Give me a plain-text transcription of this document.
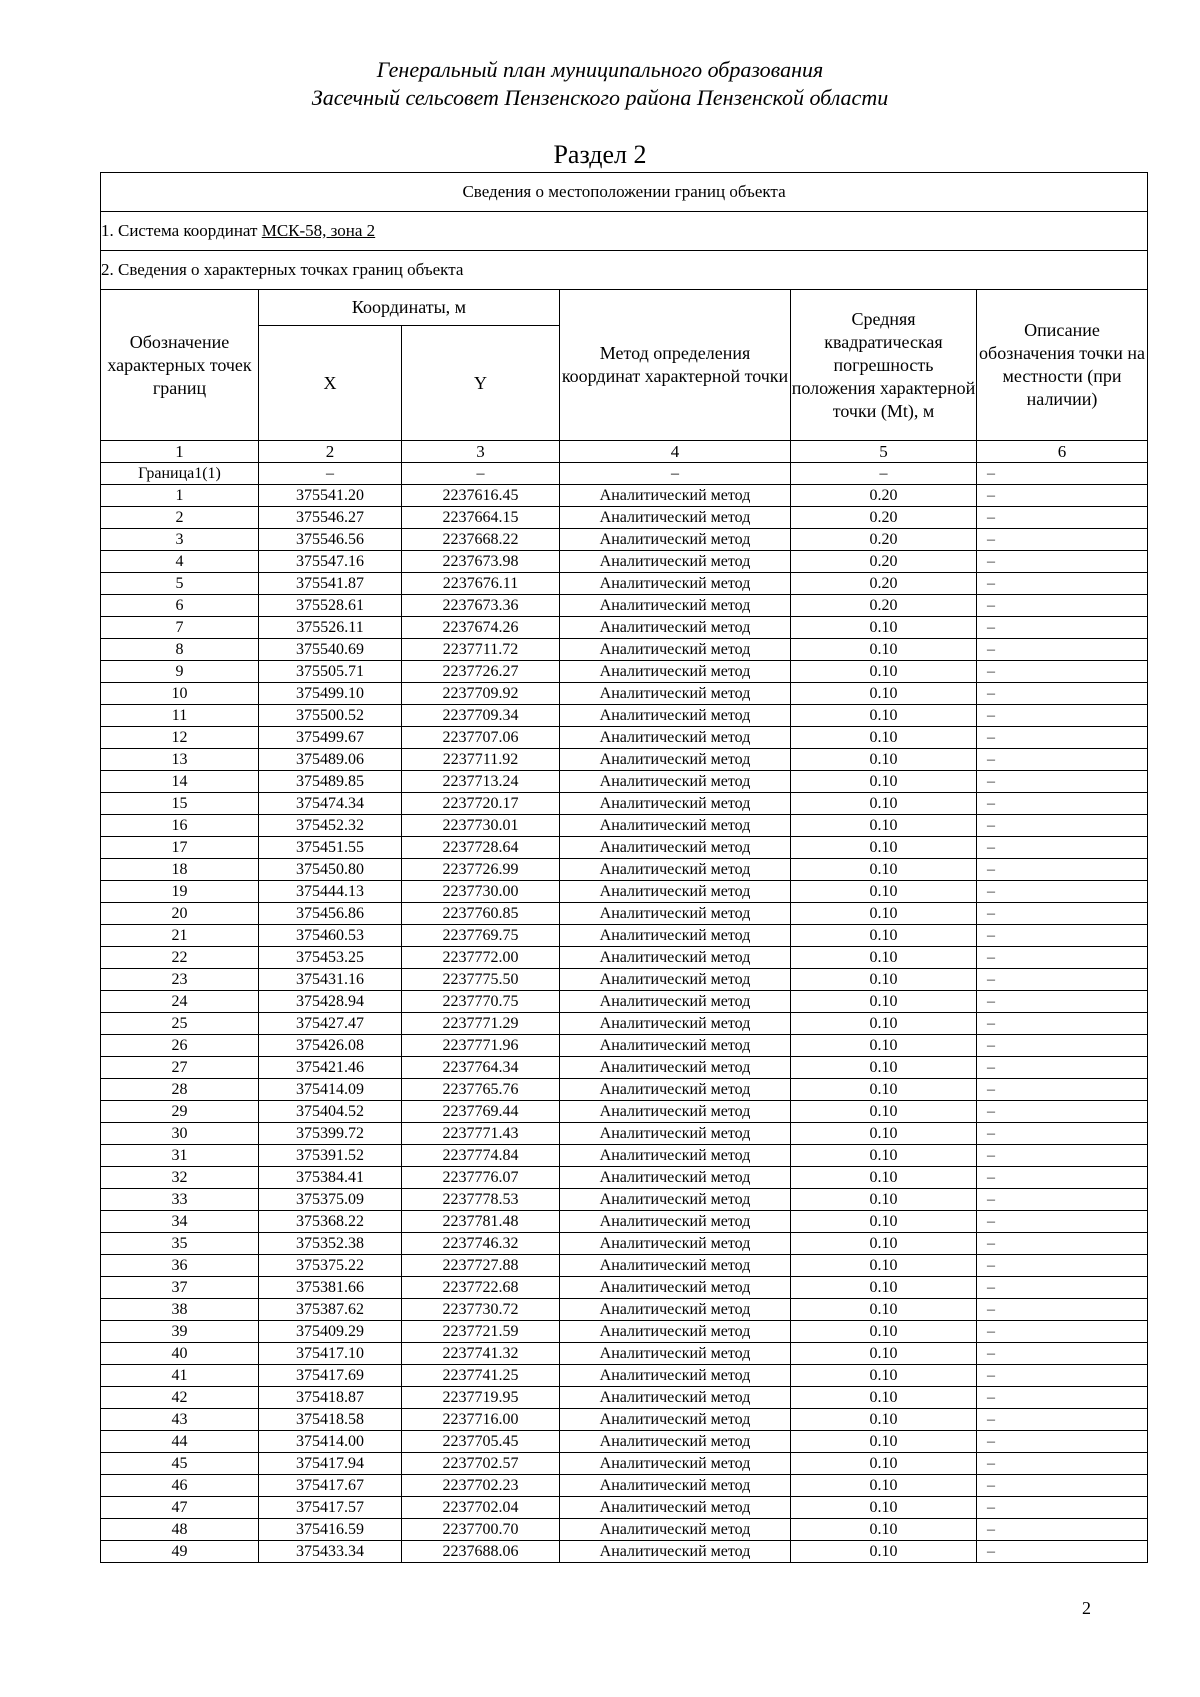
Генеральный план муниципального образования
Засечный сельсовет Пензенского района Пензенской области
Раздел 2
Сведения о местоположении границ объекта					
1. Система координат МСК-58, зона 2					
2. Сведения о характерных точках границ объекта					
Обозначение характерных точек границ	Координаты, м		Метод определения координат характерной точки	Средняя квадратическая погрешность положения характерной точки (Mt), м	Описание обозначения точки на местности (при наличии)
	X	Y			
1	2	3	4	5	6
Граница1(1)	–	–	–	–	–
1	375541.20	2237616.45	Аналитический метод	0.20	–
2	375546.27	2237664.15	Аналитический метод	0.20	–
3	375546.56	2237668.22	Аналитический метод	0.20	–
4	375547.16	2237673.98	Аналитический метод	0.20	–
5	375541.87	2237676.11	Аналитический метод	0.20	–
6	375528.61	2237673.36	Аналитический метод	0.20	–
7	375526.11	2237674.26	Аналитический метод	0.10	–
8	375540.69	2237711.72	Аналитический метод	0.10	–
9	375505.71	2237726.27	Аналитический метод	0.10	–
10	375499.10	2237709.92	Аналитический метод	0.10	–
11	375500.52	2237709.34	Аналитический метод	0.10	–
12	375499.67	2237707.06	Аналитический метод	0.10	–
13	375489.06	2237711.92	Аналитический метод	0.10	–
14	375489.85	2237713.24	Аналитический метод	0.10	–
15	375474.34	2237720.17	Аналитический метод	0.10	–
16	375452.32	2237730.01	Аналитический метод	0.10	–
17	375451.55	2237728.64	Аналитический метод	0.10	–
18	375450.80	2237726.99	Аналитический метод	0.10	–
19	375444.13	2237730.00	Аналитический метод	0.10	–
20	375456.86	2237760.85	Аналитический метод	0.10	–
21	375460.53	2237769.75	Аналитический метод	0.10	–
22	375453.25	2237772.00	Аналитический метод	0.10	–
23	375431.16	2237775.50	Аналитический метод	0.10	–
24	375428.94	2237770.75	Аналитический метод	0.10	–
25	375427.47	2237771.29	Аналитический метод	0.10	–
26	375426.08	2237771.96	Аналитический метод	0.10	–
27	375421.46	2237764.34	Аналитический метод	0.10	–
28	375414.09	2237765.76	Аналитический метод	0.10	–
29	375404.52	2237769.44	Аналитический метод	0.10	–
30	375399.72	2237771.43	Аналитический метод	0.10	–
31	375391.52	2237774.84	Аналитический метод	0.10	–
32	375384.41	2237776.07	Аналитический метод	0.10	–
33	375375.09	2237778.53	Аналитический метод	0.10	–
34	375368.22	2237781.48	Аналитический метод	0.10	–
35	375352.38	2237746.32	Аналитический метод	0.10	–
36	375375.22	2237727.88	Аналитический метод	0.10	–
37	375381.66	2237722.68	Аналитический метод	0.10	–
38	375387.62	2237730.72	Аналитический метод	0.10	–
39	375409.29	2237721.59	Аналитический метод	0.10	–
40	375417.10	2237741.32	Аналитический метод	0.10	–
41	375417.69	2237741.25	Аналитический метод	0.10	–
42	375418.87	2237719.95	Аналитический метод	0.10	–
43	375418.58	2237716.00	Аналитический метод	0.10	–
44	375414.00	2237705.45	Аналитический метод	0.10	–
45	375417.94	2237702.57	Аналитический метод	0.10	–
46	375417.67	2237702.23	Аналитический метод	0.10	–
47	375417.57	2237702.04	Аналитический метод	0.10	–
48	375416.59	2237700.70	Аналитический метод	0.10	–
49	375433.34	2237688.06	Аналитический метод	0.10	–
2
